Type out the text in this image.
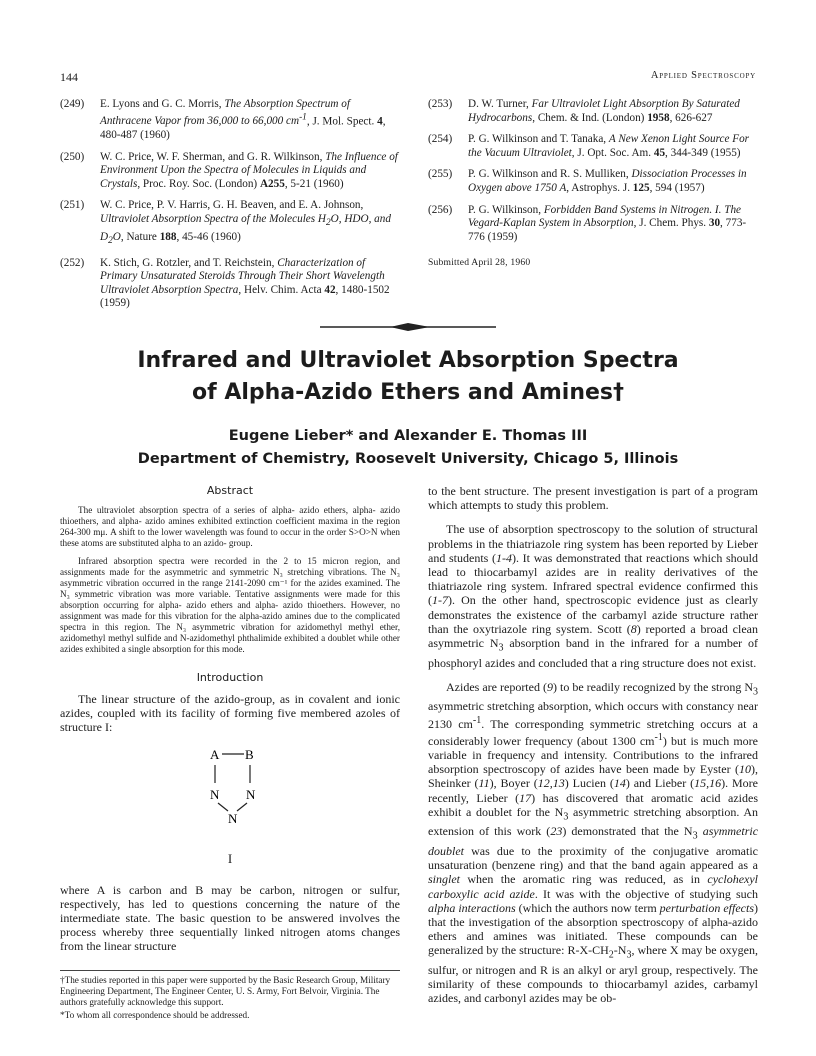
144	Applied Spectroscopy
(249)	E. Lyons and G. C. Morris, The Absorption Spectrum of Anthracene Vapor from 36,000 to 66,000 $cm^{-1}$, J. Mol. Spect. 4, 480-487 (1960)
(250)	W. C. Price, W. F. Sherman, and G. R. Wilkinson, The Influence of Environment Upon the Spectra of Molecules in Liquids and Crystals, Proc. Roy. Soc. (London) A255, 5-21 (1960)
(251)	W. C. Price, P. V. Harris, G. H. Beaven, and E. A. Johnson, Ultraviolet Absorption Spectra of the Molecules $H_2O$, HDO, and $D_2O$, Nature 188, 45-46 (1960)
(252)	K. Stich, G. Rotzler, and T. Reichstein, Characterization of Primary Unsaturated Steroids Through Their Short Wavelength Ultraviolet Absorption Spectra, Helv. Chim. Acta 42, 1480-1502 (1959)
(253)	D. W. Turner, Far Ultraviolet Light Absorption By Saturated Hydrocarbons, Chem. & Ind. (London) 1958, 626-627
(254)	P. G. Wilkinson and T. Tanaka, A New Xenon Light Source For the Vacuum Ultraviolet, J. Opt. Soc. Am. 45, 344-349 (1955)
(255)	P. G. Wilkinson and R. S. Mulliken, Dissociation Processes in Oxygen above 1750 A, Astrophys. J. 125, 594 (1957)
(256)	P. G. Wilkinson, Forbidden Band Systems in Nitrogen. I. The Vegard-Kaplan System in Absorption, J. Chem. Phys. 30, 773-776 (1959)
Submitted April 28, 1960
Infrared and Ultraviolet Absorption Spectra
of Alpha-Azido Ethers and Amines†
Eugene Lieber* and Alexander E. Thomas III
Department of Chemistry, Roosevelt University, Chicago 5, Illinois
Abstract

The ultraviolet absorption spectra of a series of alpha- azido ethers, alpha- azido thioethers, and alpha- azido amines exhibited extinction coefficient maxima in the region 264-300 mμ. A shift to the lower wavelength was found to occur in the order S>O>N when these atoms are substituted alpha to an azido- group.

Infrared absorption spectra were recorded in the 2 to 15 micron region, and assignments made for the asymmetric and symmetric N₃ stretching vibrations. The N₃ asymmetric vibration occurred in the range 2141-2090 cm⁻¹ for the azides examined. The N₃ symmetric vibration was more variable. Tentative assignments were made for this absorption occurring for alpha- azido ethers and alpha- azido thioethers. However, no assignment was made for this vibration for the alpha-azido amines due to the complicated spectra in this region. The N₃ asymmetric vibration for azidomethyl methyl ether, azidomethyl methyl sulfide and N-azidomethyl phthalimide exhibited a doublet while other azides exhibited a single absorption for this mode.

Introduction

The linear structure of the azido-group, as in covalent and ionic azides, coupled with its facility of forming five membered azoles of structure I:

A B
N N
N
I

where A is carbon and B may be carbon, nitrogen or sulfur, respectively, has led to questions concerning the nature of the intermediate state. The basic question to be answered involves the process whereby three sequentially linked nitrogen atoms changes from the linear structure

to the bent structure. The present investigation is part of a program which attempts to study this problem.

The use of absorption spectroscopy to the solution of structural problems in the thiatriazole ring system has been reported by Lieber and students (1-4). It was demonstrated that reactions which should lead to thiocarbamyl azides are in reality derivatives of the thiatriazole ring system. Infrared spectral evidence confirmed this (1-7). On the other hand, spectroscopic evidence just as clearly demonstrates the existence of the carbamyl azide structure rather than the oxytriazole ring system. Scott (8) reported a broad clean asymmetric $N_3$ absorption band in the infrared for a number of phosphoryl azides and concluded that a ring structure does not exist.

Azides are reported (9) to be readily recognized by the strong $N_3$ asymmetric stretching absorption, which occurs with constancy near 2130 $cm^{-1}$. The corresponding symmetric stretching occurs at a considerably lower frequency (about 1300 $cm^{-1}$) but is much more variable in frequency and intensity. Contributions to the infrared absorption spectroscopy of azides have been made by Eyster (10), Sheinker (11), Boyer (12,13) Lucien (14) and Lieber (15,16). More recently, Lieber (17) has discovered that aromatic acid azides exhibit a doublet for the $N_3$ asymmetric stretching absorption. An extension of this work (23) demonstrated that the $N_3$ asymmetric doublet was due to the proximity of the conjugative aromatic unsaturation (benzene ring) and that the band again appeared as a singlet when the aromatic ring was reduced, as in cyclohexyl carboxylic acid azide. It was with the objective of studying such alpha interactions (which the authors now term perturbation effects) that the investigation of the absorption spectroscopy of alpha-azido ethers and amines was initiated. These compounds can be generalized by the structure: $R-X-CH_2-N_3$, where X may be oxygen, sulfur, or nitrogen and R is an alkyl or aryl group, respectively. The similarity of these compounds to thiocarbamyl azides, carbamyl azides, and carbonyl azides may be ob-

†The studies reported in this paper were supported by the Basic Research Group, Military Engineering Department, The Engineer Center, U. S. Army, Fort Belvoir, Virginia. The authors gratefully acknowledge this support.
*To whom all correspondence should be addressed.
